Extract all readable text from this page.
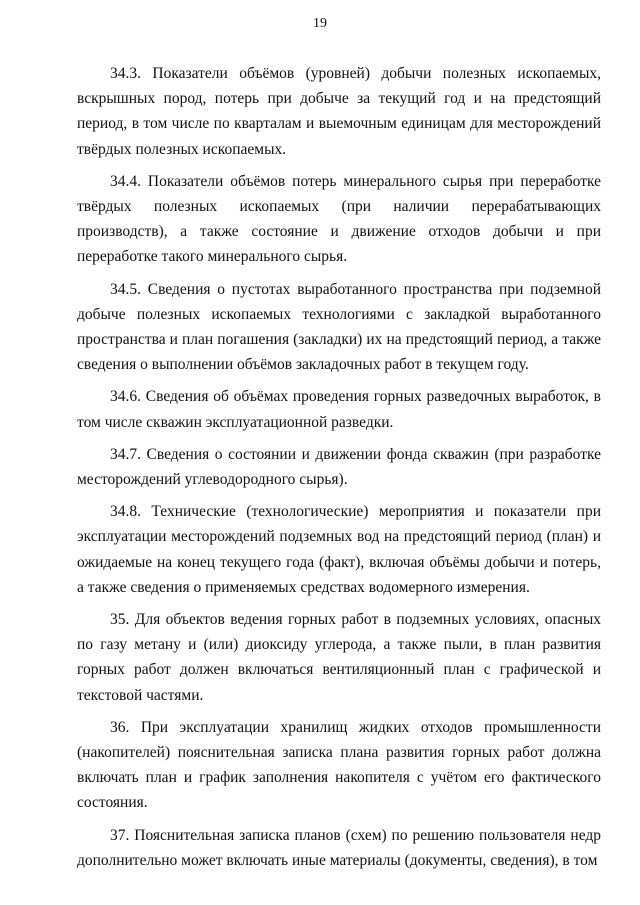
19

34.3. Показатели объёмов (уровней) добычи полезных ископаемых, вскрышных пород, потерь при добыче за текущий год и на предстоящий период, в том числе по кварталам и выемочным единицам для месторождений твёрдых полезных ископаемых.

34.4. Показатели объёмов потерь минерального сырья при переработке твёрдых полезных ископаемых (при наличии перерабатывающих производств), а также состояние и движение отходов добычи и при переработке такого минерального сырья.

34.5. Сведения о пустотах выработанного пространства при подземной добыче полезных ископаемых технологиями с закладкой выработанного пространства и план погашения (закладки) их на предстоящий период, а также сведения о выполнении объёмов закладочных работ в текущем году.

34.6. Сведения об объёмах проведения горных разведочных выработок, в том числе скважин эксплуатационной разведки.

34.7. Сведения о состоянии и движении фонда скважин (при разработке месторождений углеводородного сырья).

34.8. Технические (технологические) мероприятия и показатели при эксплуатации месторождений подземных вод на предстоящий период (план) и ожидаемые на конец текущего года (факт), включая объёмы добычи и потерь, а также сведения о применяемых средствах водомерного измерения.

35. Для объектов ведения горных работ в подземных условиях, опасных по газу метану и (или) диоксиду углерода, а также пыли, в план развития горных работ должен включаться вентиляционный план с графической и текстовой частями.

36. При эксплуатации хранилищ жидких отходов промышленности (накопителей) пояснительная записка плана развития горных работ должна включать план и график заполнения накопителя с учётом его фактического состояния.

37. Пояснительная записка планов (схем) по решению пользователя недр дополнительно может включать иные материалы (документы, сведения), в том
